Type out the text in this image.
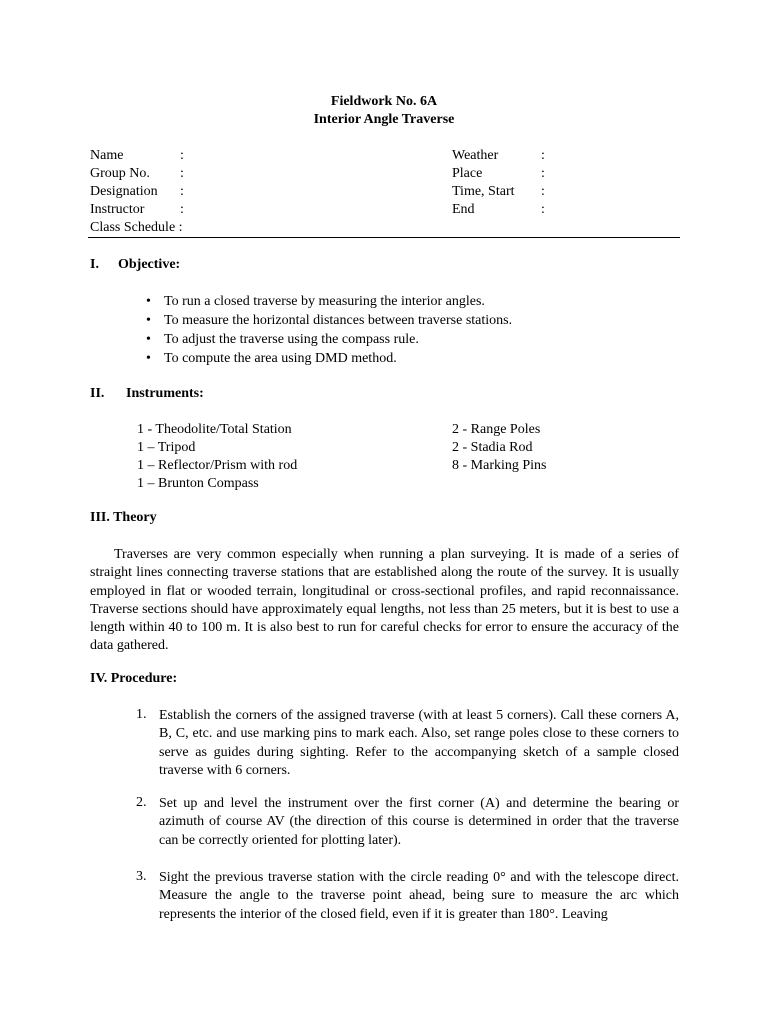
Fieldwork No. 6A
Interior Angle Traverse
Name	:
Group No. :
Designation :
Instructor	:
Class Schedule :
Weather	:
Place	:
Time, Start :
End	:
I. Objective:
• To run a closed traverse by measuring the interior angles.
• To measure the horizontal distances between traverse stations.
• To adjust the traverse using the compass rule.
• To compute the area using DMD method.
II. Instruments:
1 - Theodolite/Total Station
1 – Tripod
1 – Reflector/Prism with rod
1 – Brunton Compass
2 - Range Poles
2 - Stadia Rod
8 - Marking Pins
III. Theory
Traverses are very common especially when running a plan surveying. It is made of a series of straight lines connecting traverse stations that are established along the route of the survey. It is usually employed in flat or wooded terrain, longitudinal or cross-sectional profiles, and rapid reconnaissance. Traverse sections should have approximately equal lengths, not less than 25 meters, but it is best to use a length within 40 to 100 m. It is also best to run for careful checks for error to ensure the accuracy of the data gathered.
IV. Procedure:
1. Establish the corners of the assigned traverse (with at least 5 corners). Call these corners A, B, C, etc. and use marking pins to mark each. Also, set range poles close to these corners to serve as guides during sighting. Refer to the accompanying sketch of a sample closed traverse with 6 corners.
2. Set up and level the instrument over the first corner (A) and determine the bearing or azimuth of course AV (the direction of this course is determined in order that the traverse can be correctly oriented for plotting later).
3. Sight the previous traverse station with the circle reading 0° and with the telescope direct. Measure the angle to the traverse point ahead, being sure to measure the arc which represents the interior of the closed field, even if it is greater than 180°. Leaving
